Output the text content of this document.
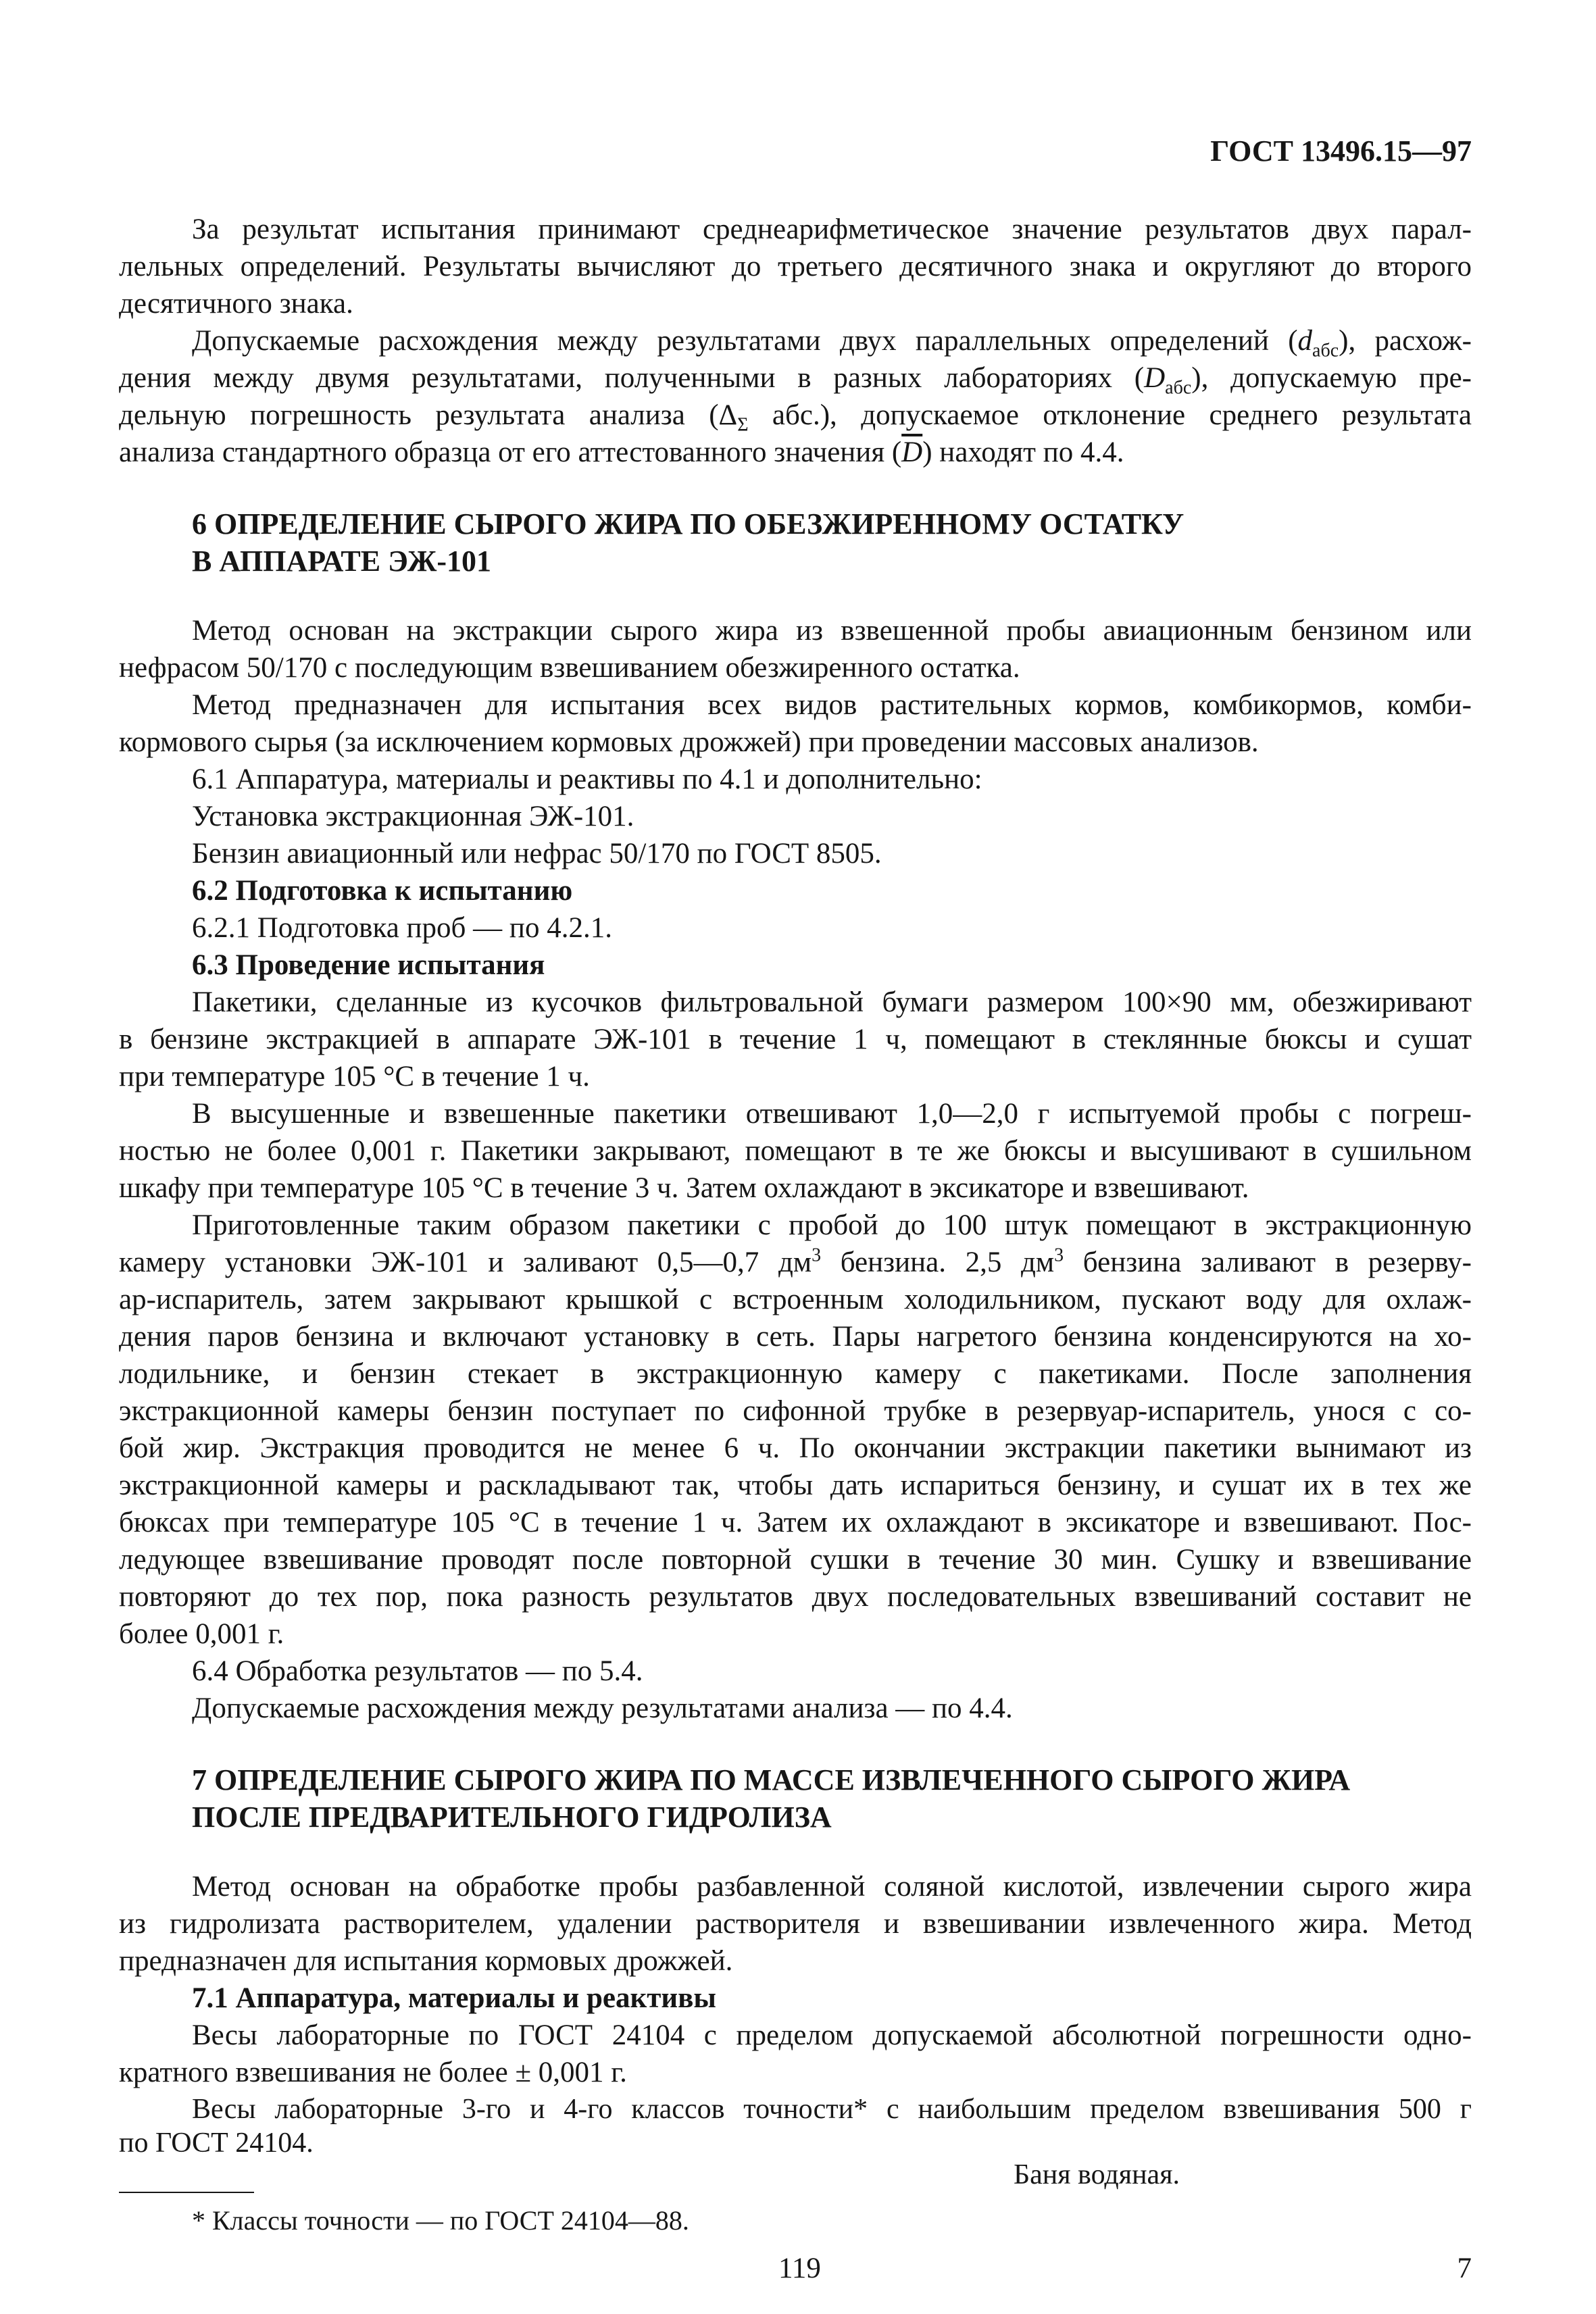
ГОСТ 13496.15—97
За результат испытания принимают среднеарифметическое значение результатов двух парал-
лельных определений. Результаты вычисляют до третьего десятичного знака и округляют до второго
десятичного знака.
Допускаемые расхождения между результатами двух параллельных определений $(d_{абс})$, расхож-
дения между двумя результатами, полученными в разных лабораториях $(D_{абс})$, допускаемую пре-
дельную погрешность результата анализа ($\Delta_\Sigma$ абс.), допускаемое отклонение среднего результата
анализа стандартного образца от его аттестованного значения $(\overline{D})$ находят по 4.4.
6 ОПРЕДЕЛЕНИЕ СЫРОГО ЖИРА ПО ОБЕЗЖИРЕННОМУ ОСТАТКУ
В АППАРАТЕ ЭЖ-101
Метод основан на экстракции сырого жира из взвешенной пробы авиационным бензином или
нефрасом 50/170 с последующим взвешиванием обезжиренного остатка.
Метод предназначен для испытания всех видов растительных кормов, комбикормов, комби-
кормового сырья (за исключением кормовых дрожжей) при проведении массовых анализов.
6.1 Аппаратура, материалы и реактивы по 4.1 и дополнительно:
Установка экстракционная ЭЖ-101.
Бензин авиационный или нефрас 50/170 по ГОСТ 8505.
6.2 Подготовка к испытанию
6.2.1 Подготовка проб — по 4.2.1.
6.3 Проведение испытания
Пакетики, сделанные из кусочков фильтровальной бумаги размером 100×90 мм, обезжиривают
в бензине экстракцией в аппарате ЭЖ-101 в течение 1 ч, помещают в стеклянные бюксы и сушат
при температуре 105 °С в течение 1 ч.
В высушенные и взвешенные пакетики отвешивают 1,0—2,0 г испытуемой пробы с погреш-
ностью не более 0,001 г. Пакетики закрывают, помещают в те же бюксы и высушивают в сушильном
шкафу при температуре 105 °С в течение 3 ч. Затем охлаждают в эксикаторе и взвешивают.
Приготовленные таким образом пакетики с пробой до 100 штук помещают в экстракционную
камеру установки ЭЖ-101 и заливают 0,5—0,7 $дм^3$ бензина. 2,5 $дм^3$ бензина заливают в резерву-
ар-испаритель, затем закрывают крышкой с встроенным холодильником, пускают воду для охлаж-
дения паров бензина и включают установку в сеть. Пары нагретого бензина конденсируются на хо-
лодильнике, и бензин стекает в экстракционную камеру с пакетиками. После заполнения
экстракционной камеры бензин поступает по сифонной трубке в резервуар-испаритель, унося с со-
бой жир. Экстракция проводится не менее 6 ч. По окончании экстракции пакетики вынимают из
экстракционной камеры и раскладывают так, чтобы дать испариться бензину, и сушат их в тех же
бюксах при температуре 105 °С в течение 1 ч. Затем их охлаждают в эксикаторе и взвешивают. Пос-
ледующее взвешивание проводят после повторной сушки в течение 30 мин. Сушку и взвешивание
повторяют до тех пор, пока разность результатов двух последовательных взвешиваний составит не
более 0,001 г.
6.4 Обработка результатов — по 5.4.
Допускаемые расхождения между результатами анализа — по 4.4.
7 ОПРЕДЕЛЕНИЕ СЫРОГО ЖИРА ПО МАССЕ ИЗВЛЕЧЕННОГО СЫРОГО ЖИРА
ПОСЛЕ ПРЕДВАРИТЕЛЬНОГО ГИДРОЛИЗА
Метод основан на обработке пробы разбавленной соляной кислотой, извлечении сырого жира
из гидролизата растворителем, удалении растворителя и взвешивании извлеченного жира. Метод
предназначен для испытания кормовых дрожжей.
7.1 Аппаратура, материалы и реактивы
Весы лабораторные по ГОСТ 24104 с пределом допускаемой абсолютной погрешности одно-
кратного взвешивания не более ± 0,001 г.
Весы лабораторные 3-го и 4-го классов точности* с наибольшим пределом взвешивания 500 г
по ГОСТ 24104.
Баня водяная.
* Классы точности — по ГОСТ 24104—88.
119	7
